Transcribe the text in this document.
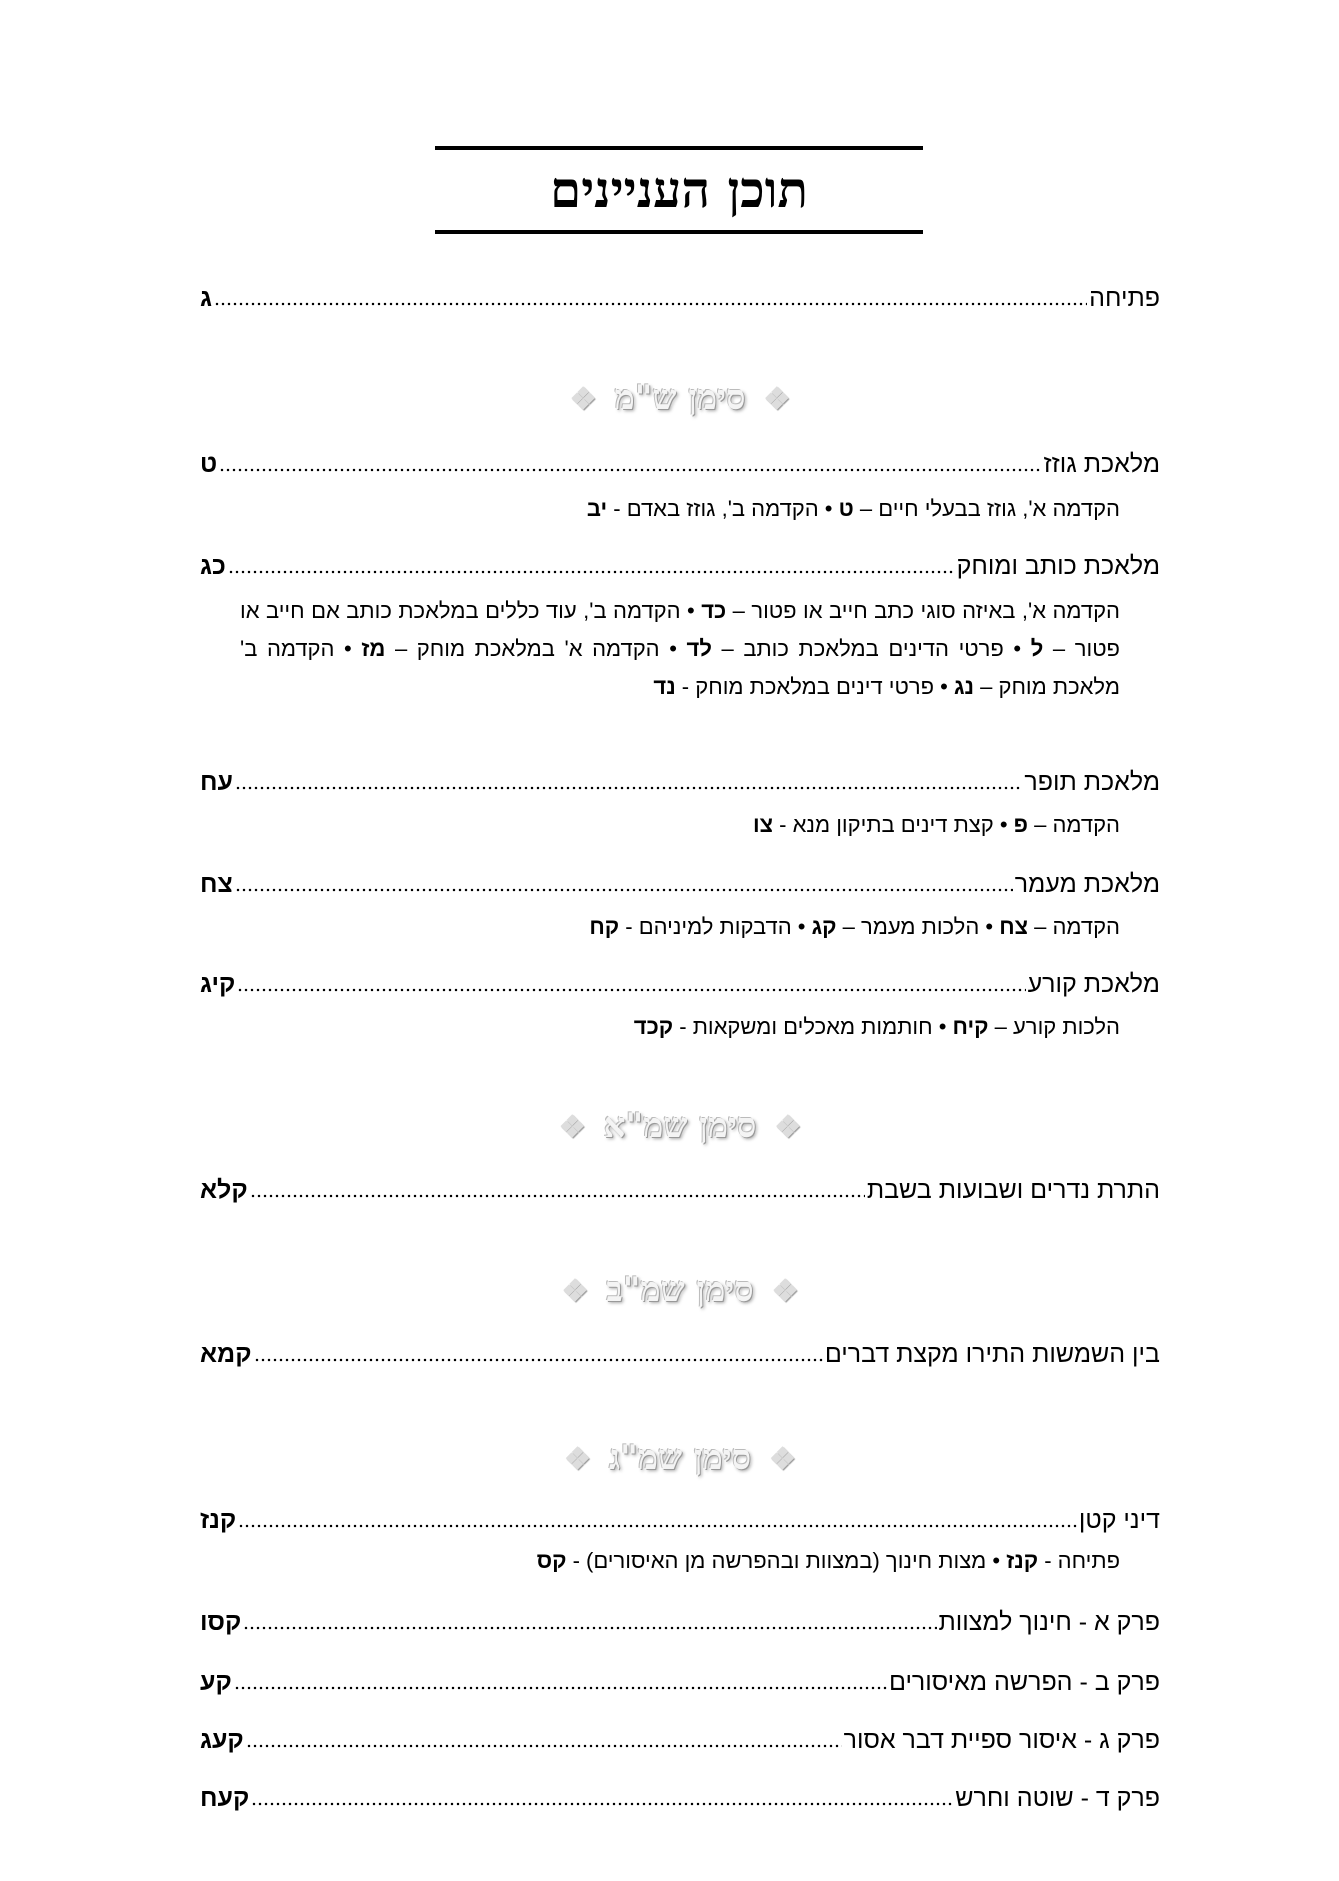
תוכן העניינים
פתיחה
ג
❖סימן ש"מ❖
מלאכת גוזז
ט
הקדמה א', גוזז בבעלי חיים – ט • הקדמה ב', גוזז באדם - יב
מלאכת כותב ומוחק
כג
הקדמה א', באיזה סוגי כתב חייב או פטור – כד • הקדמה ב', עוד כללים במלאכת כותב אם חייב או פטור – ל • פרטי הדינים במלאכת כותב – לד • הקדמה א' במלאכת מוחק – מז • הקדמה ב' מלאכת מוחק – נג • פרטי דינים במלאכת מוחק - נד
מלאכת תופר
עח
הקדמה – פ • קצת דינים בתיקון מנא - צו
מלאכת מעמר
צח
הקדמה – צח • הלכות מעמר – קג • הדבקות למיניהם - קח
מלאכת קורע
קיג
הלכות קורע – קיח • חותמות מאכלים ומשקאות - קכד
❖סימן שמ"א❖
התרת נדרים ושבועות בשבת
קלא
❖סימן שמ"ב❖
בין השמשות התירו מקצת דברים
קמא
❖סימן שמ"ג❖
דיני קטן
קנז
פתיחה - קנז • מצות חינוך (במצוות ובהפרשה מן האיסורים) - קס
פרק א - חינוך למצוות
קסו
פרק ב - הפרשה מאיסורים
קע
פרק ג - איסור ספיית דבר אסור
קעג
פרק ד - שוטה וחרש
קעח
